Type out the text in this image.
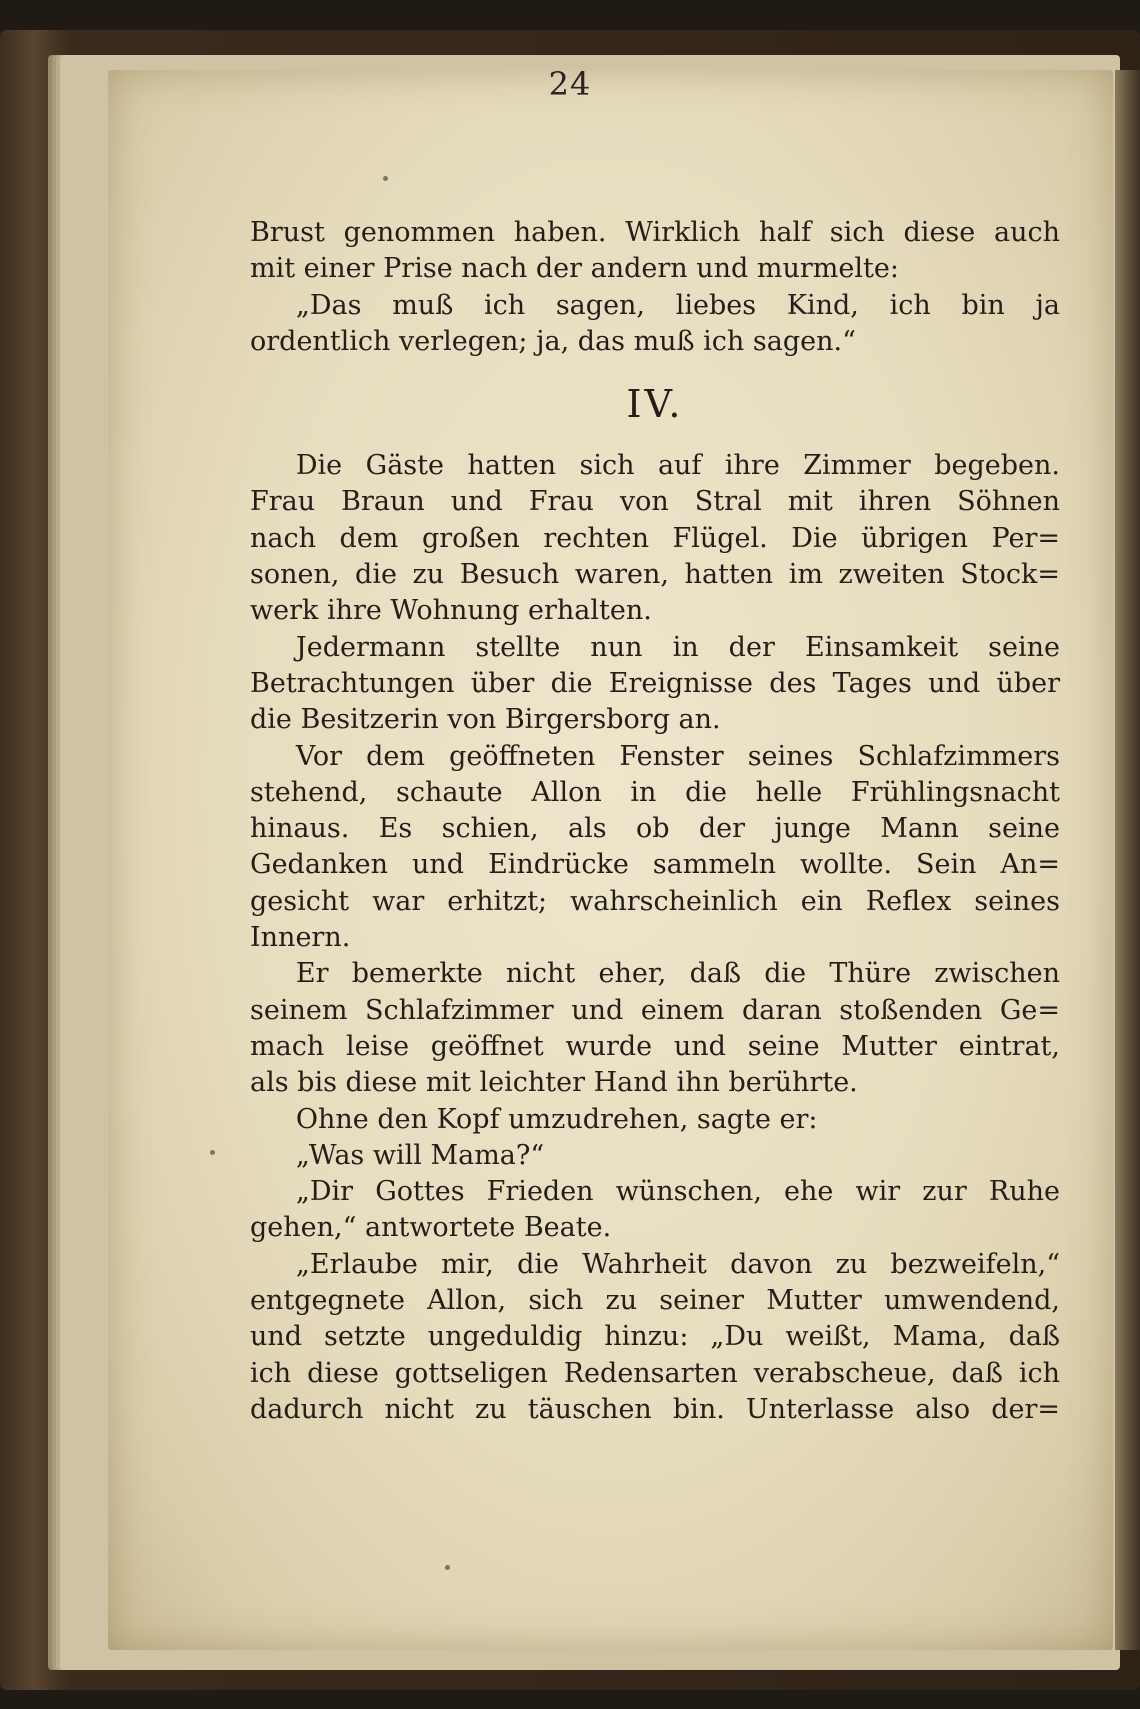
24

Brust genommen haben. Wirklich half sich diese auch

mit einer Prise nach der andern und murmelte:

„Das muß ich sagen, liebes Kind, ich bin ja

ordentlich verlegen; ja, das muß ich sagen.“

IV.

Die Gäste hatten sich auf ihre Zimmer begeben.

Frau Braun und Frau von Stral mit ihren Söhnen

nach dem großen rechten Flügel. Die übrigen Per=

sonen, die zu Besuch waren, hatten im zweiten Stock=

werk ihre Wohnung erhalten.

Jedermann stellte nun in der Einsamkeit seine

Betrachtungen über die Ereignisse des Tages und über

die Besitzerin von Birgersborg an.

Vor dem geöffneten Fenster seines Schlafzimmers

stehend, schaute Allon in die helle Frühlingsnacht

hinaus. Es schien, als ob der junge Mann seine

Gedanken und Eindrücke sammeln wollte. Sein An=

gesicht war erhitzt; wahrscheinlich ein Reflex seines

Innern.

Er bemerkte nicht eher, daß die Thüre zwischen

seinem Schlafzimmer und einem daran stoßenden Ge=

mach leise geöffnet wurde und seine Mutter eintrat,

als bis diese mit leichter Hand ihn berührte.

Ohne den Kopf umzudrehen, sagte er:

„Was will Mama?“

„Dir Gottes Frieden wünschen, ehe wir zur Ruhe

gehen,“ antwortete Beate.

„Erlaube mir, die Wahrheit davon zu bezweifeln,“

entgegnete Allon, sich zu seiner Mutter umwendend,

und setzte ungeduldig hinzu: „Du weißt, Mama, daß

ich diese gottseligen Redensarten verabscheue, daß ich

dadurch nicht zu täuschen bin. Unterlasse also der=
